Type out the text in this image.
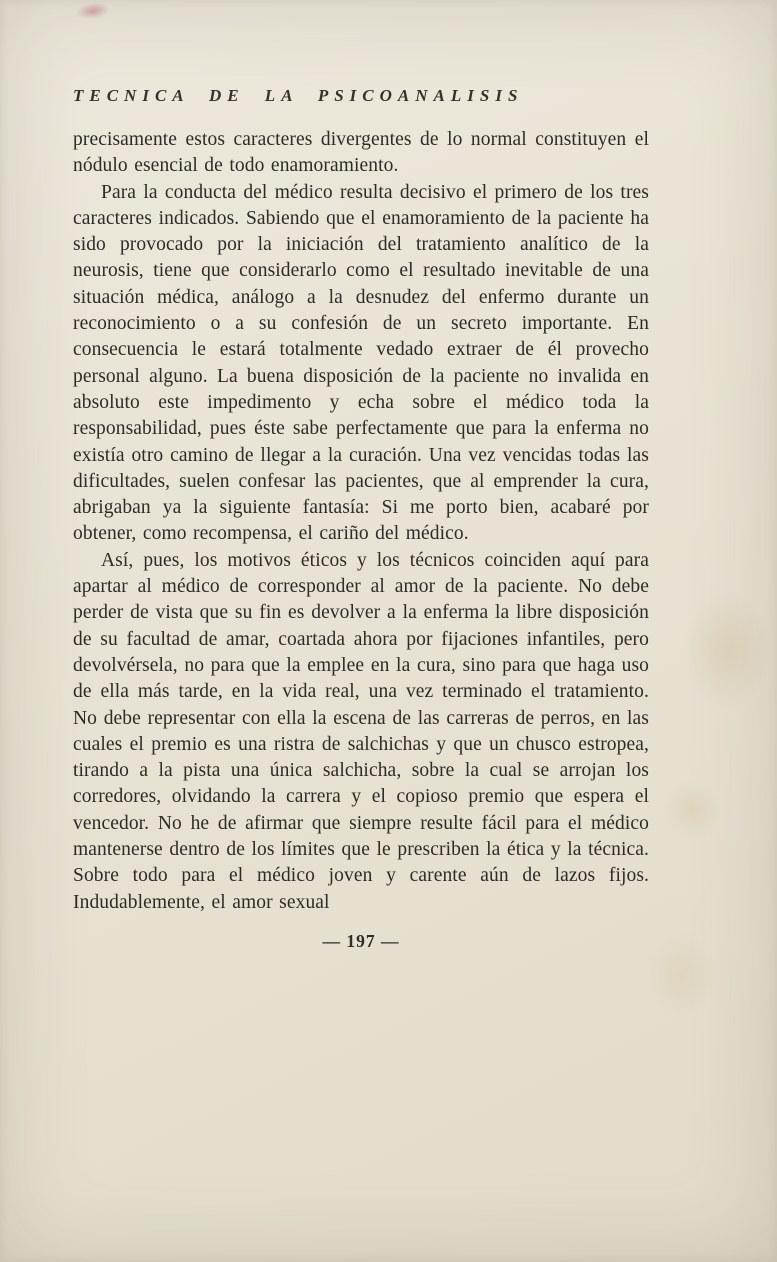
TECNICA DE LA PSICOANALISIS

precisamente estos caracteres divergentes de lo normal constituyen el nódulo esencial de todo enamoramiento.

Para la conducta del médico resulta decisivo el primero de los tres caracteres indicados. Sabiendo que el enamoramiento de la paciente ha sido provocado por la iniciación del tratamiento analítico de la neurosis, tiene que considerarlo como el resultado inevitable de una situación médica, análogo a la desnudez del enfermo durante un reconocimiento o a su confesión de un secreto importante. En consecuencia le estará totalmente vedado extraer de él provecho personal alguno. La buena disposición de la paciente no invalida en absoluto este impedimento y echa sobre el médico toda la responsabilidad, pues éste sabe perfectamente que para la enferma no existía otro camino de llegar a la curación. Una vez vencidas todas las dificultades, suelen confesar las pacientes, que al emprender la cura, abrigaban ya la siguiente fantasía: Si me porto bien, acabaré por obtener, como recompensa, el cariño del médico.

Así, pues, los motivos éticos y los técnicos coinciden aquí para apartar al médico de corresponder al amor de la paciente. No debe perder de vista que su fin es devolver a la enferma la libre disposición de su facultad de amar, coartada ahora por fijaciones infantiles, pero devolvérsela, no para que la emplee en la cura, sino para que haga uso de ella más tarde, en la vida real, una vez terminado el tratamiento. No debe representar con ella la escena de las carreras de perros, en las cuales el premio es una ristra de salchichas y que un chusco estropea, tirando a la pista una única salchicha, sobre la cual se arrojan los corredores, olvidando la carrera y el copioso premio que espera el vencedor. No he de afirmar que siempre resulte fácil para el médico mantenerse dentro de los límites que le prescriben la ética y la técnica. Sobre todo para el médico joven y carente aún de lazos fijos. Indudablemente, el amor sexual

— 197 —
